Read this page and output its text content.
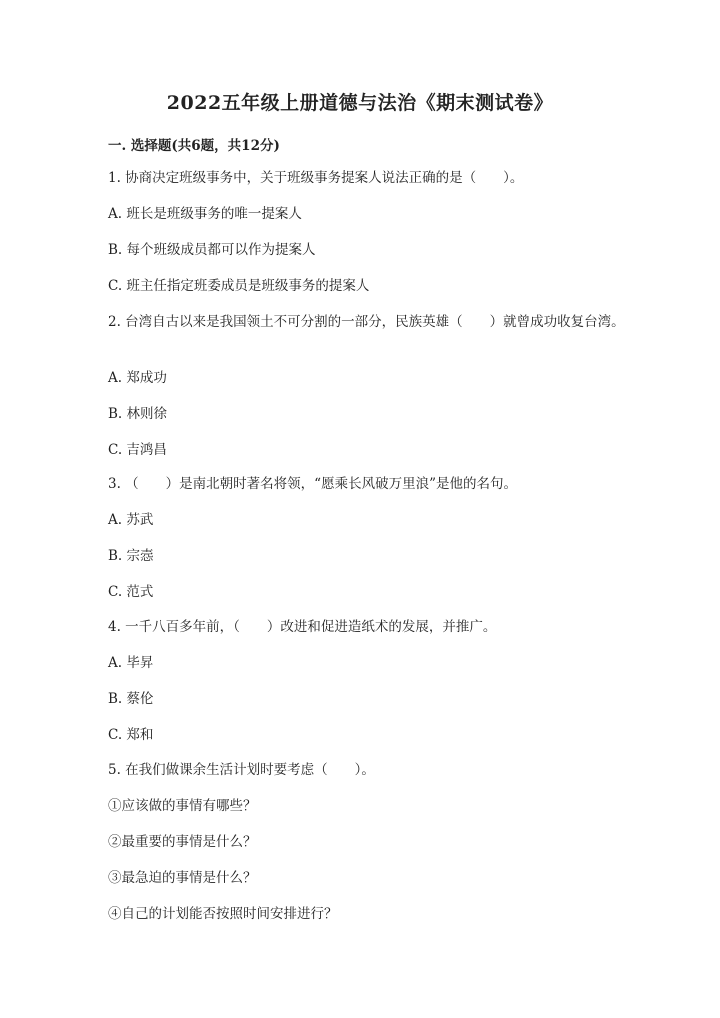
2022五年级上册道德与法治《期末测试卷》
一. 选择题(共6题，共12分)
1. 协商决定班级事务中，关于班级事务提案人说法正确的是（　　）。
A. 班长是班级事务的唯一提案人
B. 每个班级成员都可以作为提案人
C. 班主任指定班委成员是班级事务的提案人
2. 台湾自古以来是我国领土不可分割的一部分，民族英雄（　　）就曾成功收复台湾。
A. 郑成功
B. 林则徐
C. 吉鸿昌
3. （　　）是南北朝时著名将领，“愿乘长风破万里浪”是他的名句。
A. 苏武
B. 宗悫
C. 范式
4. 一千八百多年前，（　　）改进和促进造纸术的发展，并推广。
A. 毕昇
B. 蔡伦
C. 郑和
5. 在我们做课余生活计划时要考虑（　　）。
①应该做的事情有哪些？
②最重要的事情是什么？
③最急迫的事情是什么？
④自己的计划能否按照时间安排进行？
